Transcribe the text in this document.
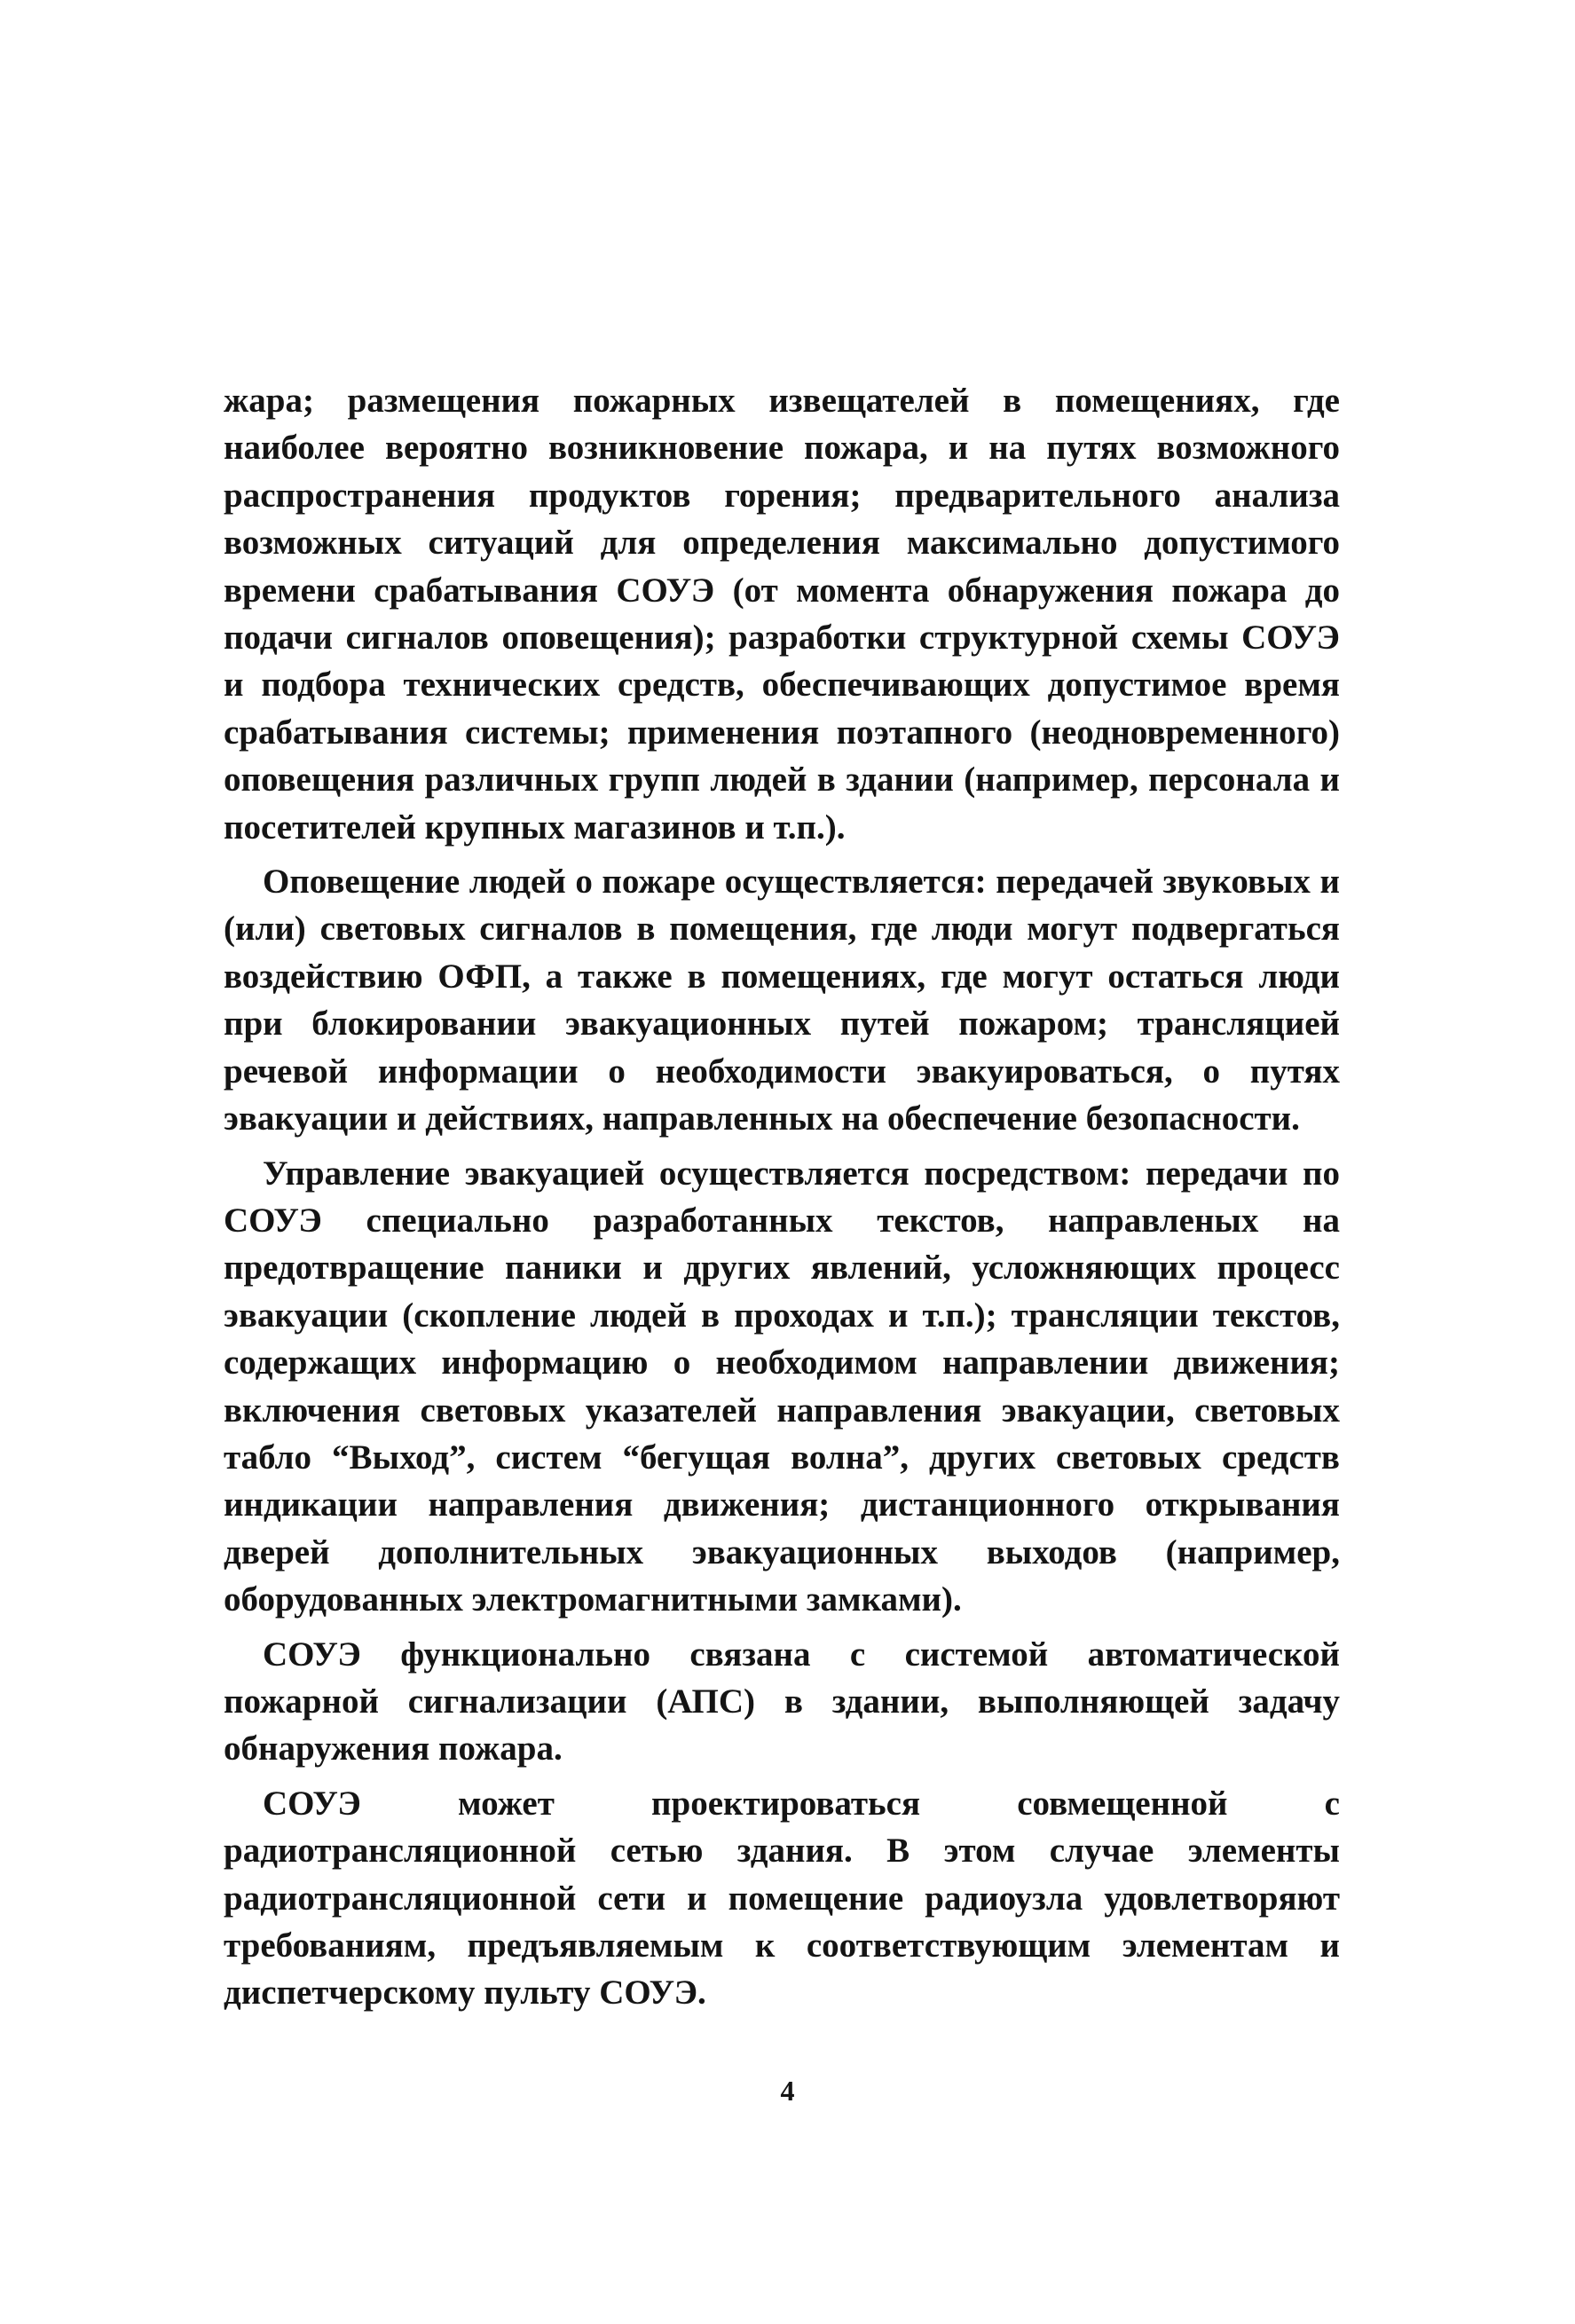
жара; размещения пожарных извещателей в помещениях, где наиболее вероятно возникновение пожара, и на путях возможного распространения продуктов горения; предварительного анализа возможных ситуаций для определения максимально допустимого времени срабатывания СОУЭ (от момента обнаружения пожара до подачи сигналов оповещения); разработки структурной схемы СОУЭ и подбора технических средств, обеспечивающих допустимое время срабатывания системы; применения поэтапного (неодновременного) оповещения различных групп людей в здании (например, персонала и посетителей крупных магазинов и т.п.).

Оповещение людей о пожаре осуществляется: передачей звуковых и (или) световых сигналов в помещения, где люди могут подвергаться воздействию ОФП, а также в помещениях, где могут остаться люди при блокировании эвакуационных путей пожаром; трансляцией речевой информации о необходимости эвакуироваться, о путях эвакуации и действиях, направленных на обеспечение безопасности.

Управление эвакуацией осуществляется посредством: передачи по СОУЭ специально разработанных текстов, направленых на предотвращение паники и других явлений, усложняющих процесс эвакуации (скопление людей в проходах и т.п.); трансляции текстов, содержащих информацию о необходимом направлении движения; включения световых указателей направления эвакуации, световых табло “Выход”, систем “бегущая волна”, других световых средств индикации направления движения; дистанционного открывания дверей дополнительных эвакуационных выходов (например, оборудованных электромагнитными замками).

СОУЭ функционально связана с системой автоматической пожарной сигнализации (АПС) в здании, выполняющей задачу обнаружения пожара.

СОУЭ может проектироваться совмещенной с радиотрансляционной сетью здания. В этом случае элементы радиотрансляционной сети и помещение радиоузла удовлетворяют требованиям, предъявляемым к соответствующим элементам и диспетчерскому пульту СОУЭ.

4
